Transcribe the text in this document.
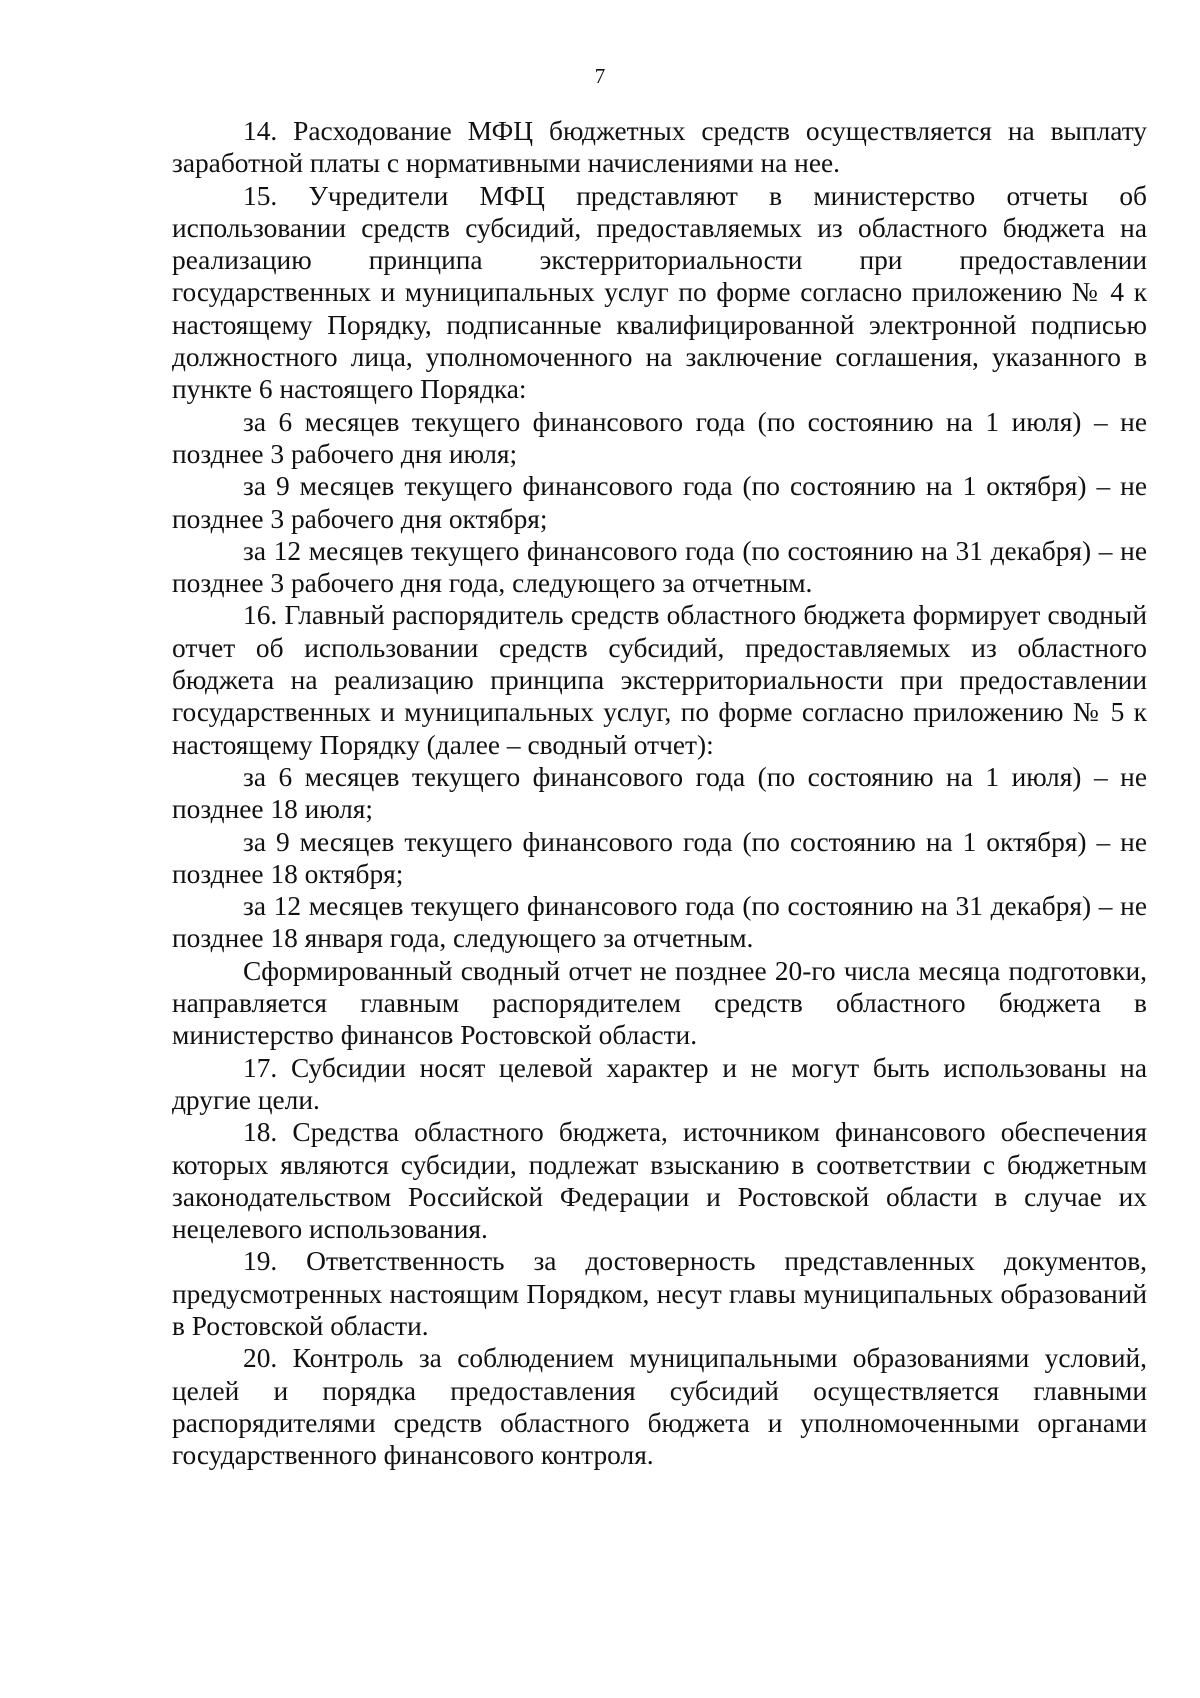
7

14. Расходование МФЦ бюджетных средств осуществляется на выплату заработной платы с нормативными начислениями на нее.

15. Учредители МФЦ представляют в министерство отчеты об использовании средств субсидий, предоставляемых из областного бюджета на реализацию принципа экстерриториальности при предоставлении государственных и муниципальных услуг по форме согласно приложению № 4 к настоящему Порядку, подписанные квалифицированной электронной подписью должностного лица, уполномоченного на заключение соглашения, указанного в пункте 6 настоящего Порядка:

за 6 месяцев текущего финансового года (по состоянию на 1 июля) – не позднее 3 рабочего дня июля;

за 9 месяцев текущего финансового года (по состоянию на 1 октября) – не позднее 3 рабочего дня октября;

за 12 месяцев текущего финансового года (по состоянию на 31 декабря) – не позднее 3 рабочего дня года, следующего за отчетным.

16. Главный распорядитель средств областного бюджета формирует сводный отчет об использовании средств субсидий, предоставляемых из областного бюджета на реализацию принципа экстерриториальности при предоставлении государственных и муниципальных услуг, по форме согласно приложению № 5 к настоящему Порядку (далее – сводный отчет):

за 6 месяцев текущего финансового года (по состоянию на 1 июля) – не позднее 18 июля;

за 9 месяцев текущего финансового года (по состоянию на 1 октября) – не позднее 18 октября;

за 12 месяцев текущего финансового года (по состоянию на 31 декабря) – не позднее 18 января года, следующего за отчетным.

Сформированный сводный отчет не позднее 20-го числа месяца подготовки, направляется главным распорядителем средств областного бюджета в министерство финансов Ростовской области.

17. Субсидии носят целевой характер и не могут быть использованы на другие цели.

18. Средства областного бюджета, источником финансового обеспечения которых являются субсидии, подлежат взысканию в соответствии с бюджетным законодательством Российской Федерации и Ростовской области в случае их нецелевого использования.

19. Ответственность за достоверность представленных документов, предусмотренных настоящим Порядком, несут главы муниципальных образований в Ростовской области.

20. Контроль за соблюдением муниципальными образованиями условий, целей и порядка предоставления субсидий осуществляется главными распорядителями средств областного бюджета и уполномоченными органами государственного финансового контроля.
